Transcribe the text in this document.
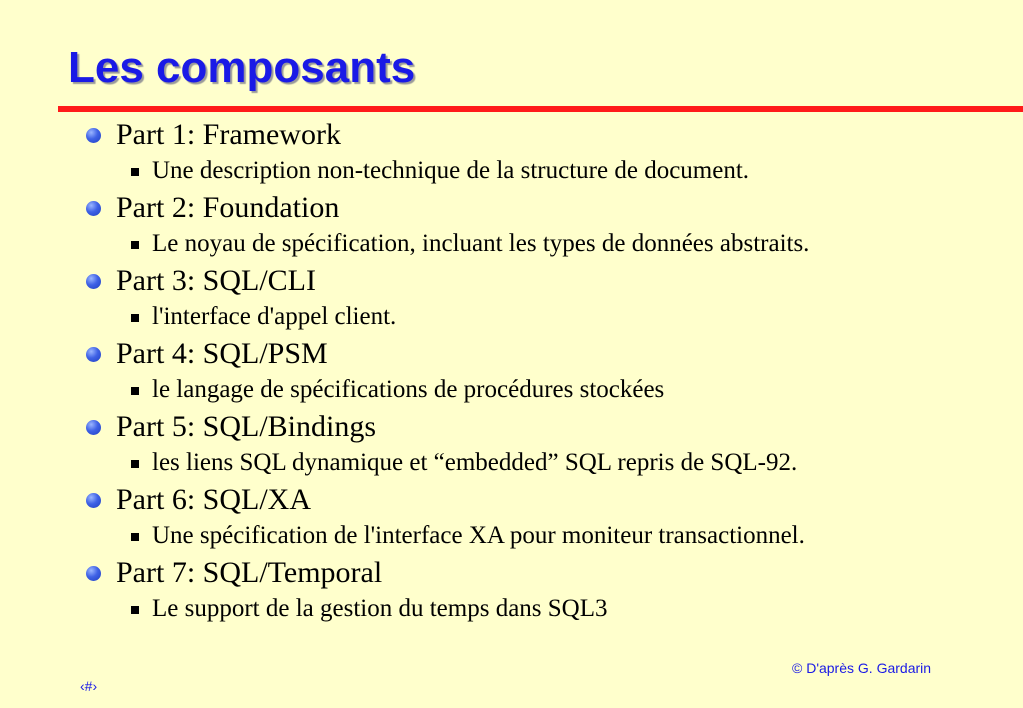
Les composants
Part 1: Framework
Une description non-technique de la structure de document.
Part 2: Foundation
Le noyau de spécification, incluant les types de données abstraits.
Part 3: SQL/CLI
l'interface d'appel client.
Part 4: SQL/PSM
le langage de spécifications de procédures stockées
Part 5: SQL/Bindings
les liens SQL dynamique et “embedded” SQL repris de SQL-92.
Part 6: SQL/XA
Une spécification de l'interface XA pour moniteur transactionnel.
Part 7: SQL/Temporal
Le support de la gestion du temps dans SQL3
© D'après G. Gardarin
‹#›
